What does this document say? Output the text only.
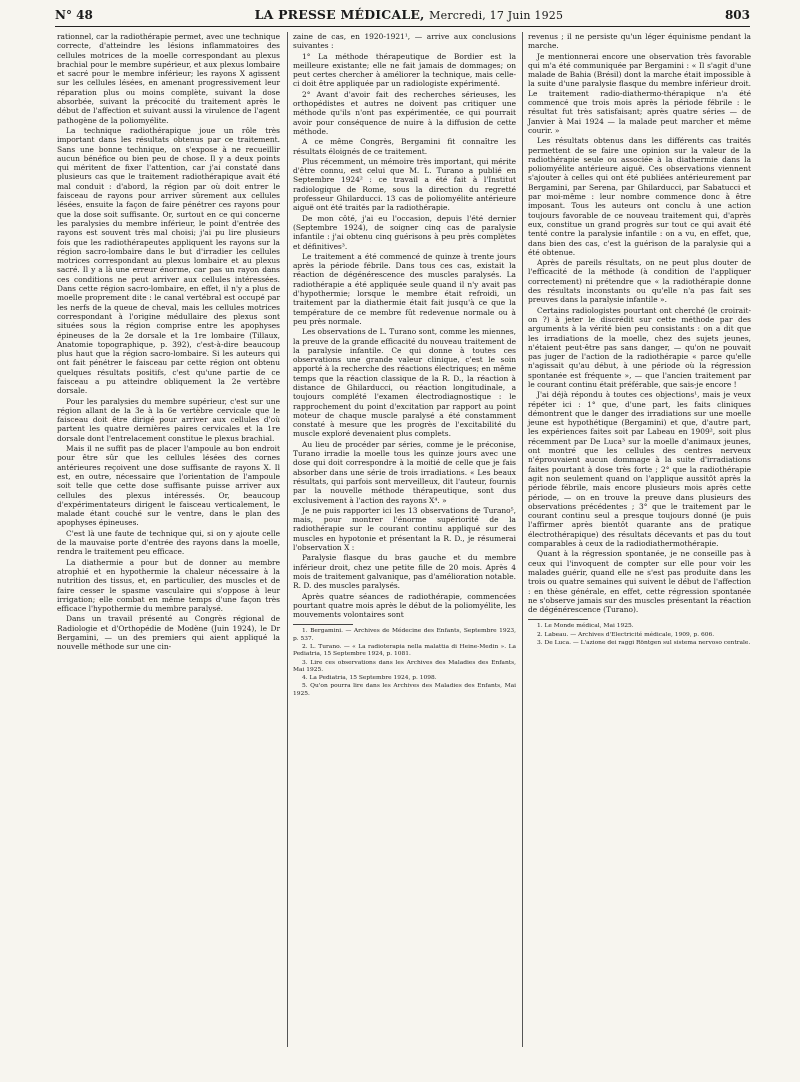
N° 48	LA PRESSE MÉDICALE, Mercredi, 17 Juin 1925	803

rationnel, car la radiothérapie permet, avec une technique correcte, d'atteindre les lésions inflammatoires des cellules motrices de la moelle correspondant au plexus brachial pour le membre supérieur, et aux plexus lombaire et sacré pour le membre inférieur; les rayons X agissent sur les cellules lésées, en amenant progressivement leur réparation plus ou moins complète, suivant la dose absorbée, suivant la précocité du traitement après le début de l'affection et suivant aussi la virulence de l'agent pathogène de la poliomyélite.

La technique radiothérapique joue un rôle très important dans les résultats obtenus par ce traitement. Sans une bonne technique, on s'expose à ne recueillir aucun bénéfice ou bien peu de chose. Il y a deux points qui méritent de fixer l'attention, car j'ai constaté dans plusieurs cas que le traitement radiothérapique avait été mal conduit : d'abord, la région par où doit entrer le faisceau de rayons pour arriver sûrement aux cellules lésées, ensuite la façon de faire pénétrer ces rayons pour que la dose soit suffisante. Or, surtout en ce qui concerne les paralysies du membre inférieur, le point d'entrée des rayons est souvent très mal choisi; j'ai pu lire plusieurs fois que les radiothérapeutes appliquent les rayons sur la région sacro-lombaire dans le but d'irradier les cellules motrices correspondant au plexus lombaire et au plexus sacré. Il y a là une erreur énorme, car pas un rayon dans ces conditions ne peut arriver aux cellules intéressées. Dans cette région sacro-lombaire, en effet, il n'y a plus de moelle proprement dite : le canal vertébral est occupé par les nerfs de la queue de cheval, mais les cellules motrices correspondant à l'origine médullaire des plexus sont situées sous la région comprise entre les apophyses épineuses de la 2e dorsale et la 1re lombaire (Tillaux, Anatomie topographique, p. 392), c'est-à-dire beaucoup plus haut que la région sacro-lombaire. Si les auteurs qui ont fait pénétrer le faisceau par cette région ont obtenu quelques résultats positifs, c'est qu'une partie de ce faisceau a pu atteindre obliquement la 2e vertèbre dorsale.

Pour les paralysies du membre supérieur, c'est sur une région allant de la 3e à la 6e vertèbre cervicale que le faisceau doit être dirigé pour arriver aux cellules d'où partent les quatre dernières paires cervicales et la 1re dorsale dont l'entrelacement constitue le plexus brachial.

Mais il ne suffit pas de placer l'ampoule au bon endroit pour être sûr que les cellules lésées des cornes antérieures reçoivent une dose suffisante de rayons X. Il est, en outre, nécessaire que l'orientation de l'ampoule soit telle que cette dose suffisante puisse arriver aux cellules des plexus intéressés. Or, beaucoup d'expérimentateurs dirigent le faisceau verticalement, le malade étant couché sur le ventre, dans le plan des apophyses épineuses.

C'est là une faute de technique qui, si on y ajoute celle de la mauvaise porte d'entrée des rayons dans la moelle, rendra le traitement peu efficace.

La diathermie a pour but de donner au membre atrophié et en hypothermie la chaleur nécessaire à la nutrition des tissus, et, en particulier, des muscles et de faire cesser le spasme vasculaire qui s'oppose à leur irrigation; elle combat en même temps d'une façon très efficace l'hypothermie du membre paralysé.

Dans un travail présenté au Congrès régional de Radiologie et d'Orthopédie de Modène (Juin 1924), le Dr Bergamini, — un des premiers qui aient appliqué la nouvelle méthode sur une cin-

zaine de cas, en 1920-1921¹, — arrive aux conclusions suivantes :

1° La méthode thérapeutique de Bordier est la meilleure existante; elle ne fait jamais de dommages; on peut certes chercher à améliorer la technique, mais celle-ci doit être appliquée par un radiologiste expérimenté.

2° Avant d'avoir fait des recherches sérieuses, les orthopédistes et autres ne doivent pas critiquer une méthode qu'ils n'ont pas expérimentée, ce qui pourrait avoir pour conséquence de nuire à la diffusion de cette méthode.

A ce même Congrès, Bergamini fit connaître les résultats éloignés de ce traitement.

Plus récemment, un mémoire très important, qui mérite d'être connu, est celui que M. L. Turano a publié en Septembre 1924² : ce travail a été fait à l'Institut radiologique de Rome, sous la direction du regretté professeur Ghilarducci. 13 cas de poliomyélite antérieure aiguë ont été traités par la radiothérapie.

De mon côté, j'ai eu l'occasion, depuis l'été dernier (Septembre 1924), de soigner cinq cas de paralysie infantile : j'ai obtenu cinq guérisons à peu près complètes et définitives³.

Le traitement a été commencé de quinze à trente jours après la période fébrile. Dans tous ces cas, existait la réaction de dégénérescence des muscles paralysés. La radiothérapie a été appliquée seule quand il n'y avait pas d'hypothermie; lorsque le membre était refroidi, un traitement par la diathermie était fait jusqu'à ce que la température de ce membre fût redevenue normale ou à peu près normale.

Les observations de L. Turano sont, comme les miennes, la preuve de la grande efficacité du nouveau traitement de la paralysie infantile. Ce qui donne à toutes ces observations une grande valeur clinique, c'est le soin apporté à la recherche des réactions électriques; en même temps que la réaction classique de la R. D., la réaction à distance de Ghilarducci, ou réaction longitudinale, a toujours complété l'examen électrodiagnostique : le rapprochement du point d'excitation par rapport au point moteur de chaque muscle paralysé a été constamment constaté à mesure que les progrès de l'excitabilité du muscle exploré devenaient plus complets.

Au lieu de procéder par séries, comme je le préconise, Turano irradie la moelle tous les quinze jours avec une dose qui doit correspondre à la moitié de celle que je fais absorber dans une série de trois irradiations. « Les beaux résultats, qui parfois sont merveilleux, dit l'auteur, fournis par la nouvelle méthode thérapeutique, sont dus exclusivement à l'action des rayons X⁴. »

Je ne puis rapporter ici les 13 observations de Turano⁵, mais, pour montrer l'énorme supériorité de la radiothérapie sur le courant continu appliqué sur des muscles en hypotonie et présentant la R. D., je résumerai l'observation X :

Paralysie flasque du bras gauche et du membre inférieur droit, chez une petite fille de 20 mois. Après 4 mois de traitement galvanique, pas d'amélioration notable. R. D. des muscles paralysés.

Après quatre séances de radiothérapie, commencées pourtant quatre mois après le début de la poliomyélite, les mouvements volontaires sont

1. Bergamini. — Archives de Médecine des Enfants, Septembre 1923, p. 537.

2. L. Turano. — « La radioterapia nella malattia di Heine-Medin ». La Pediatria, 15 Septembre 1924, p. 1081.

3. Lire ces observations dans les Archives des Maladies des Enfants, Mai 1925.

4. La Pediatria, 15 Septembre 1924, p. 1098.

5. Qu'on pourra lire dans les Archives des Maladies des Enfants, Mai 1925.

revenus ; il ne persiste qu'un léger équinisme pendant la marche.

Je mentionnerai encore une observation très favorable qui m'a été communiquée par Bergamini : « Il s'agit d'une malade de Bahia (Brésil) dont la marche était impossible à la suite d'une paralysie flasque du membre inférieur droit. Le traitement radio-diathermo-thérapique n'a été commencé que trois mois après la période fébrile : le résultat fut très satisfaisant; après quatre séries — de Janvier à Mai 1924 — la malade peut marcher et même courir. »

Les résultats obtenus dans les différents cas traités permettent de se faire une opinion sur la valeur de la radiothérapie seule ou associée à la diathermie dans la poliomyélite antérieure aiguë. Ces observations viennent s'ajouter à celles qui ont été publiées antérieurement par Bergamini, par Serena, par Ghilarducci, par Sabatucci et par moi-même : leur nombre commence donc à être imposant. Tous les auteurs ont conclu à une action toujours favorable de ce nouveau traitement qui, d'après eux, constitue un grand progrès sur tout ce qui avait été tenté contre la paralysie infantile : on a vu, en effet, que, dans bien des cas, c'est la guérison de la paralysie qui a été obtenue.

Après de pareils résultats, on ne peut plus douter de l'efficacité de la méthode (à condition de l'appliquer correctement) ni prétendre que « la radiothérapie donne des résultats inconstants ou qu'elle n'a pas fait ses preuves dans la paralysie infantile ».

Certains radiologistes pourtant ont cherché (le croirait-on ?) à jeter le discrédit sur cette méthode par des arguments à la vérité bien peu consistants : on a dit que les irradiations de la moelle, chez des sujets jeunes, n'étaient peut-être pas sans danger, — qu'on ne pouvait pas juger de l'action de la radiothérapie « parce qu'elle n'agissait qu'au début, à une période où la régression spontanée est fréquente », — que l'ancien traitement par le courant continu était préférable, que sais-je encore !

J'ai déjà répondu à toutes ces objections¹, mais je veux répéter ici : 1° que, d'une part, les faits cliniques démontrent que le danger des irradiations sur une moelle jeune est hypothétique (Bergamini) et que, d'autre part, les expériences faites soit par Labeau en 1909², soit plus récemment par De Luca³ sur la moelle d'animaux jeunes, ont montré que les cellules des centres nerveux n'éprouvaient aucun dommage à la suite d'irradiations faites pourtant à dose très forte ; 2° que la radiothérapie agit non seulement quand on l'applique aussitôt après la période fébrile, mais encore plusieurs mois après cette période, — on en trouve la preuve dans plusieurs des observations précédentes ; 3° que le traitement par le courant continu seul a presque toujours donné (je puis l'affirmer après bientôt quarante ans de pratique électrothérapique) des résultats décevants et pas du tout comparables à ceux de la radiodiathermothérapie.

Quant à la régression spontanée, je ne conseille pas à ceux qui l'invoquent de compter sur elle pour voir les malades guérir, quand elle ne s'est pas produite dans les trois ou quatre semaines qui suivent le début de l'affection : en thèse générale, en effet, cette régression spontanée ne s'observe jamais sur des muscles présentant la réaction de dégénérescence (Turano).

1. Le Monde médical, Mai 1925.

2. Labeau. — Archives d'Electricité médicale, 1909, p. 606.

3. De Luca. — L'azione dei raggi Röntgen sul sistema nervoso centrale.
